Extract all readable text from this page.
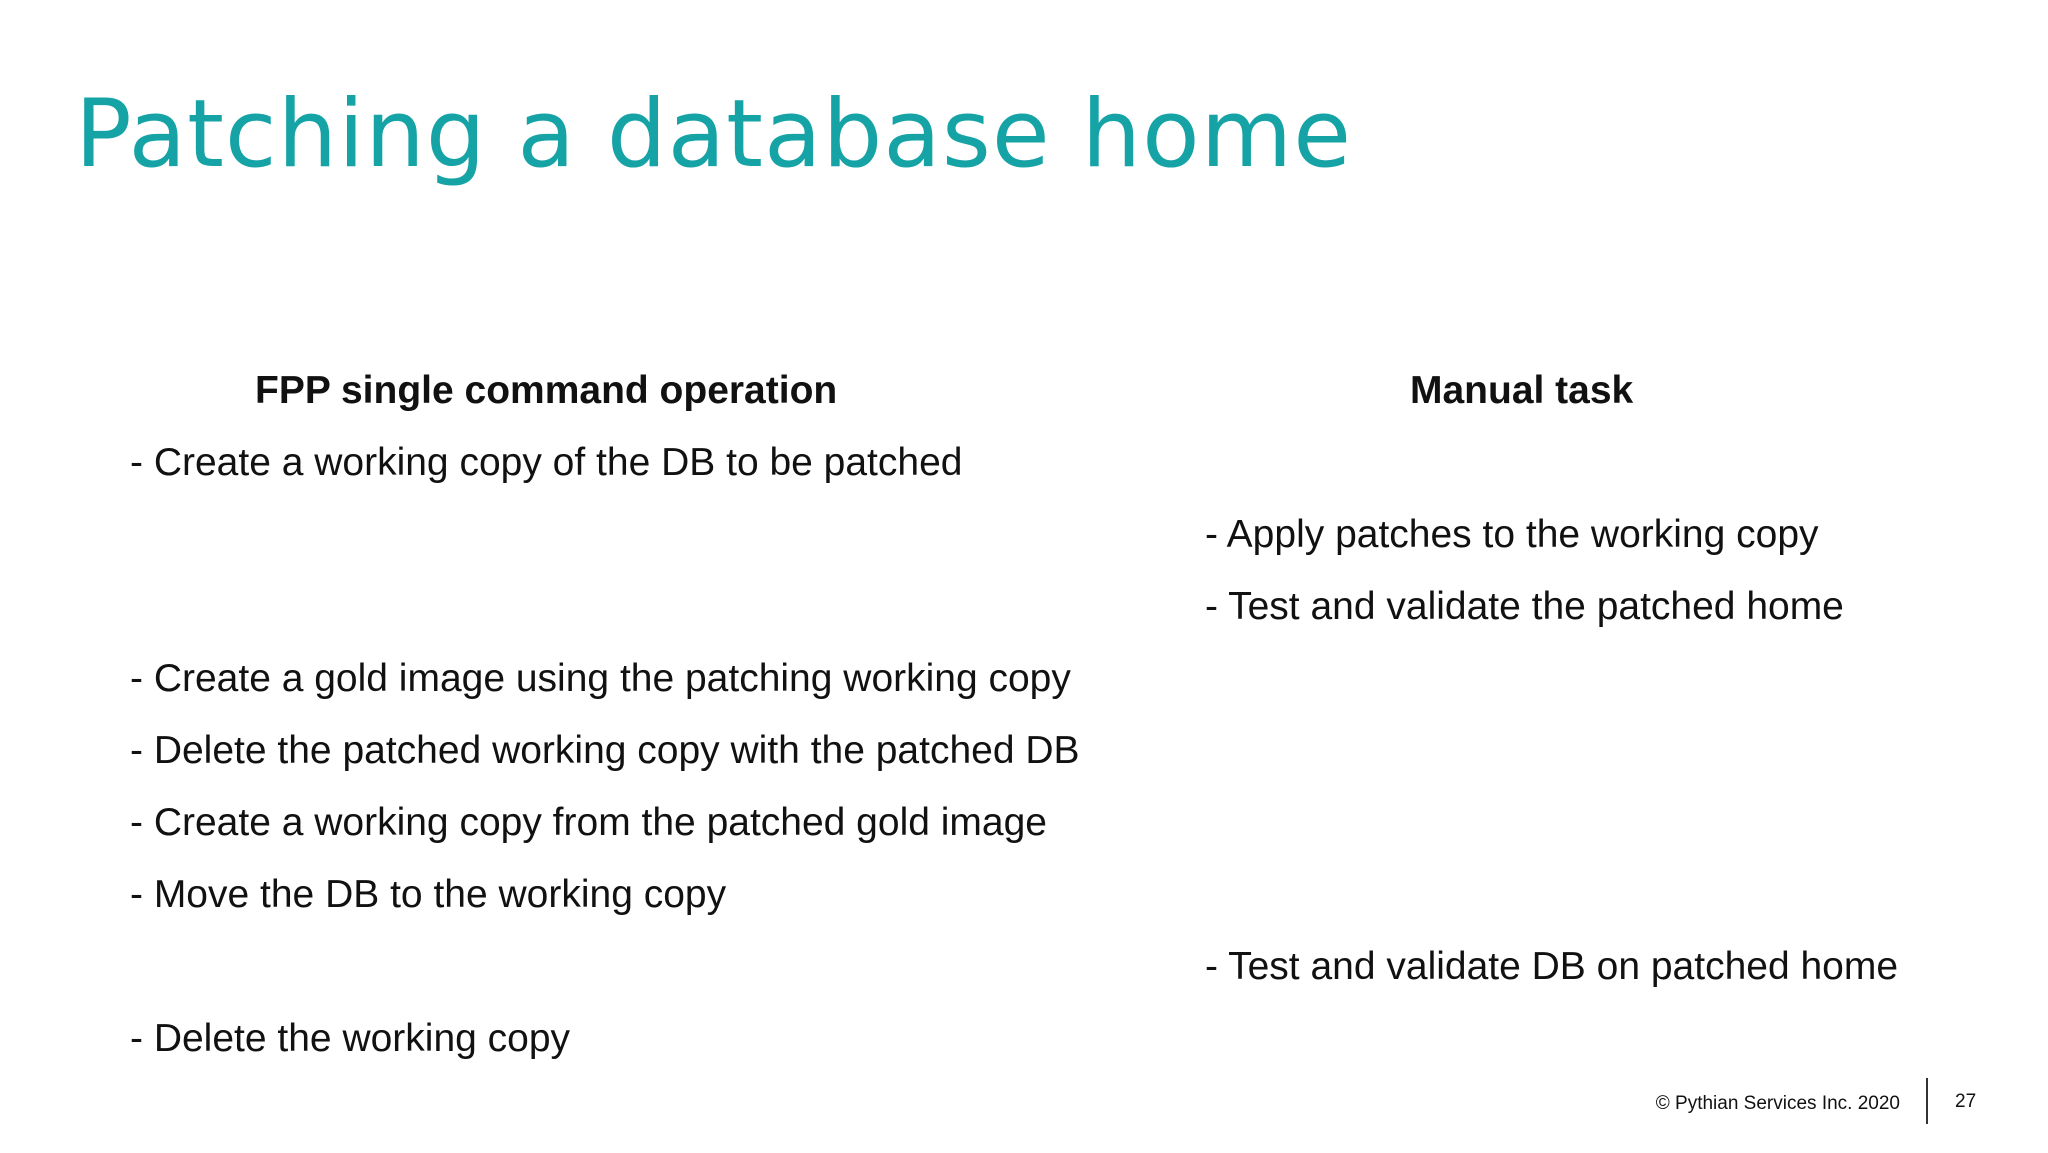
Patching a database home
FPP single command operation	Manual task
- Create a working copy of the DB to be patched
- Apply patches to the working copy
- Test and validate the patched home
- Create a gold image using the patching working copy
- Delete the patched working copy with the patched DB
- Create a working copy from the patched gold image
- Move the DB to the working copy
- Test and validate DB on patched home
- Delete the working copy
© Pythian Services Inc. 2020	27
